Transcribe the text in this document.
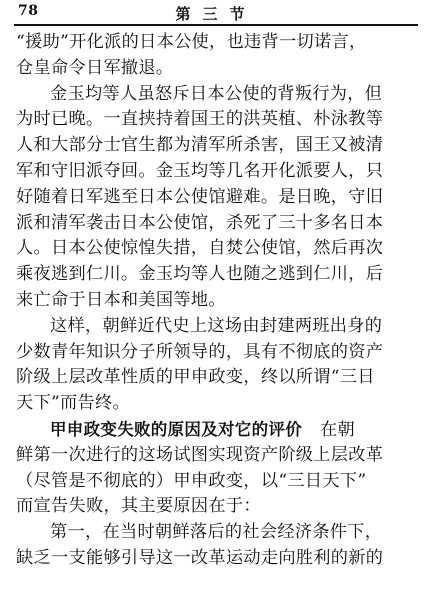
78	第三节
“援助”开化派的日本公使，也违背一切诺言，
仓皇命令日军撤退。
金玉均等人虽怒斥日本公使的背叛行为，但
为时已晚。一直挟持着国王的洪英植、朴泳教等
人和大部分士官生都为清军所杀害，国王又被清
军和守旧派夺回。金玉均等几名开化派要人，只
好随着日军逃至日本公使馆避难。是日晚，守旧
派和清军袭击日本公使馆，杀死了三十多名日本
人。日本公使惊惶失措，自焚公使馆，然后再次
乘夜逃到仁川。金玉均等人也随之逃到仁川，后
来亡命于日本和美国等地。
这样，朝鲜近代史上这场由封建两班出身的
少数青年知识分子所领导的，具有不彻底的资产
阶级上层改革性质的甲申政变，终以所谓“三日
天下”而告终。
甲申政变失败的原因及对它的评价 在朝
鲜第一次进行的这场试图实现资产阶级上层改革
（尽管是不彻底的）甲申政变，以“三日天下”
而宣告失败，其主要原因在于：
第一，在当时朝鲜落后的社会经济条件下，
缺乏一支能够引导这一改革运动走向胜利的新的
